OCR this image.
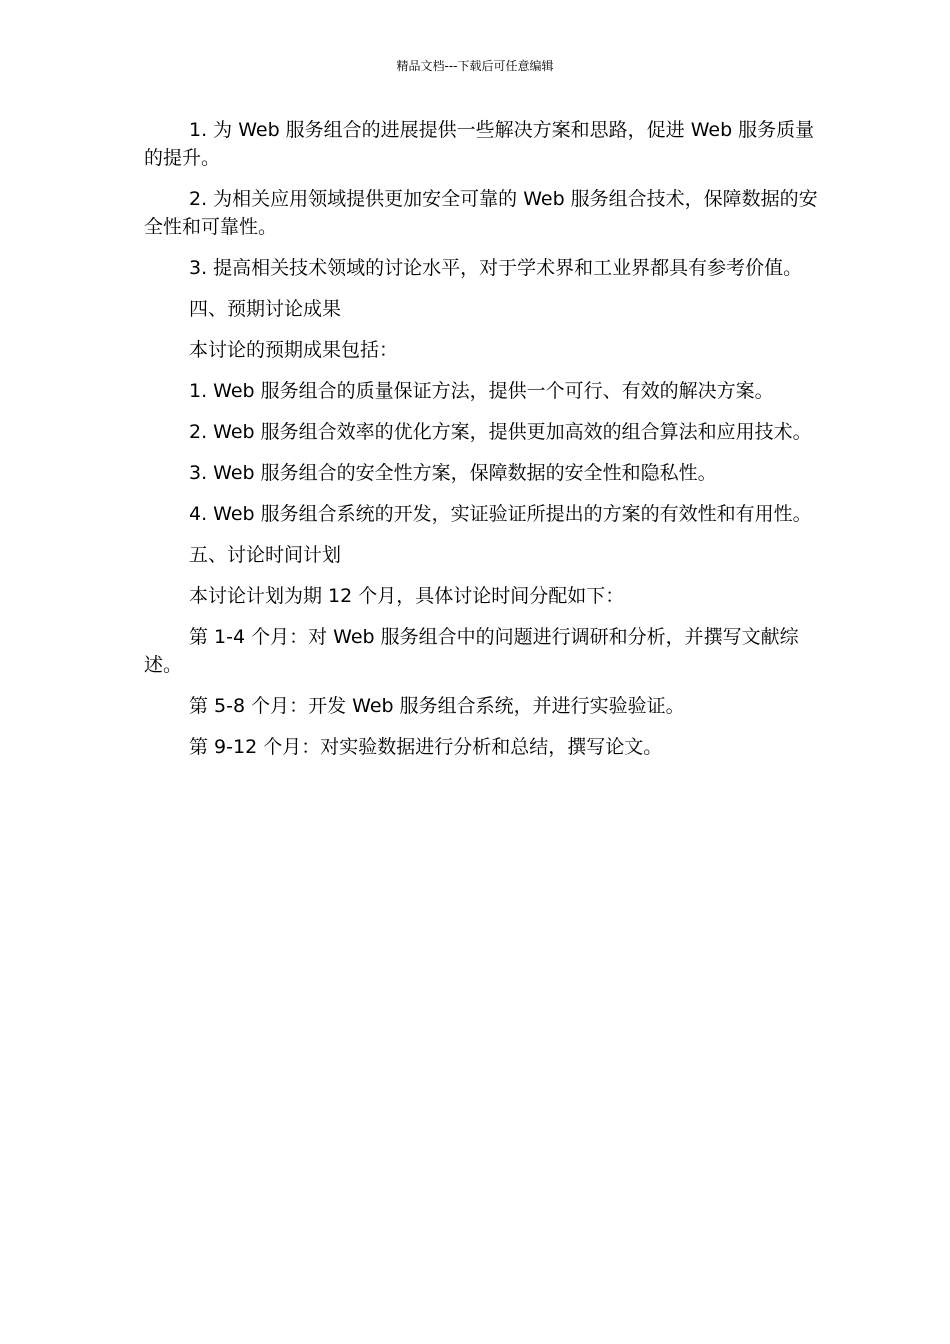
精品文档---下载后可任意编辑

1. 为 Web 服务组合的进展提供一些解决方案和思路，促进 Web 服务质量的提升。

2. 为相关应用领域提供更加安全可靠的 Web 服务组合技术，保障数据的安全性和可靠性。

3. 提高相关技术领域的讨论水平，对于学术界和工业界都具有参考价值。

四、预期讨论成果

本讨论的预期成果包括：

1. Web 服务组合的质量保证方法，提供一个可行、有效的解决方案。

2. Web 服务组合效率的优化方案，提供更加高效的组合算法和应用技术。

3. Web 服务组合的安全性方案，保障数据的安全性和隐私性。

4. Web 服务组合系统的开发，实证验证所提出的方案的有效性和有用性。

五、讨论时间计划

本讨论计划为期 12 个月，具体讨论时间分配如下：

第 1-4 个月：对 Web 服务组合中的问题进行调研和分析，并撰写文献综述。

第 5-8 个月：开发 Web 服务组合系统，并进行实验验证。

第 9-12 个月：对实验数据进行分析和总结，撰写论文。
